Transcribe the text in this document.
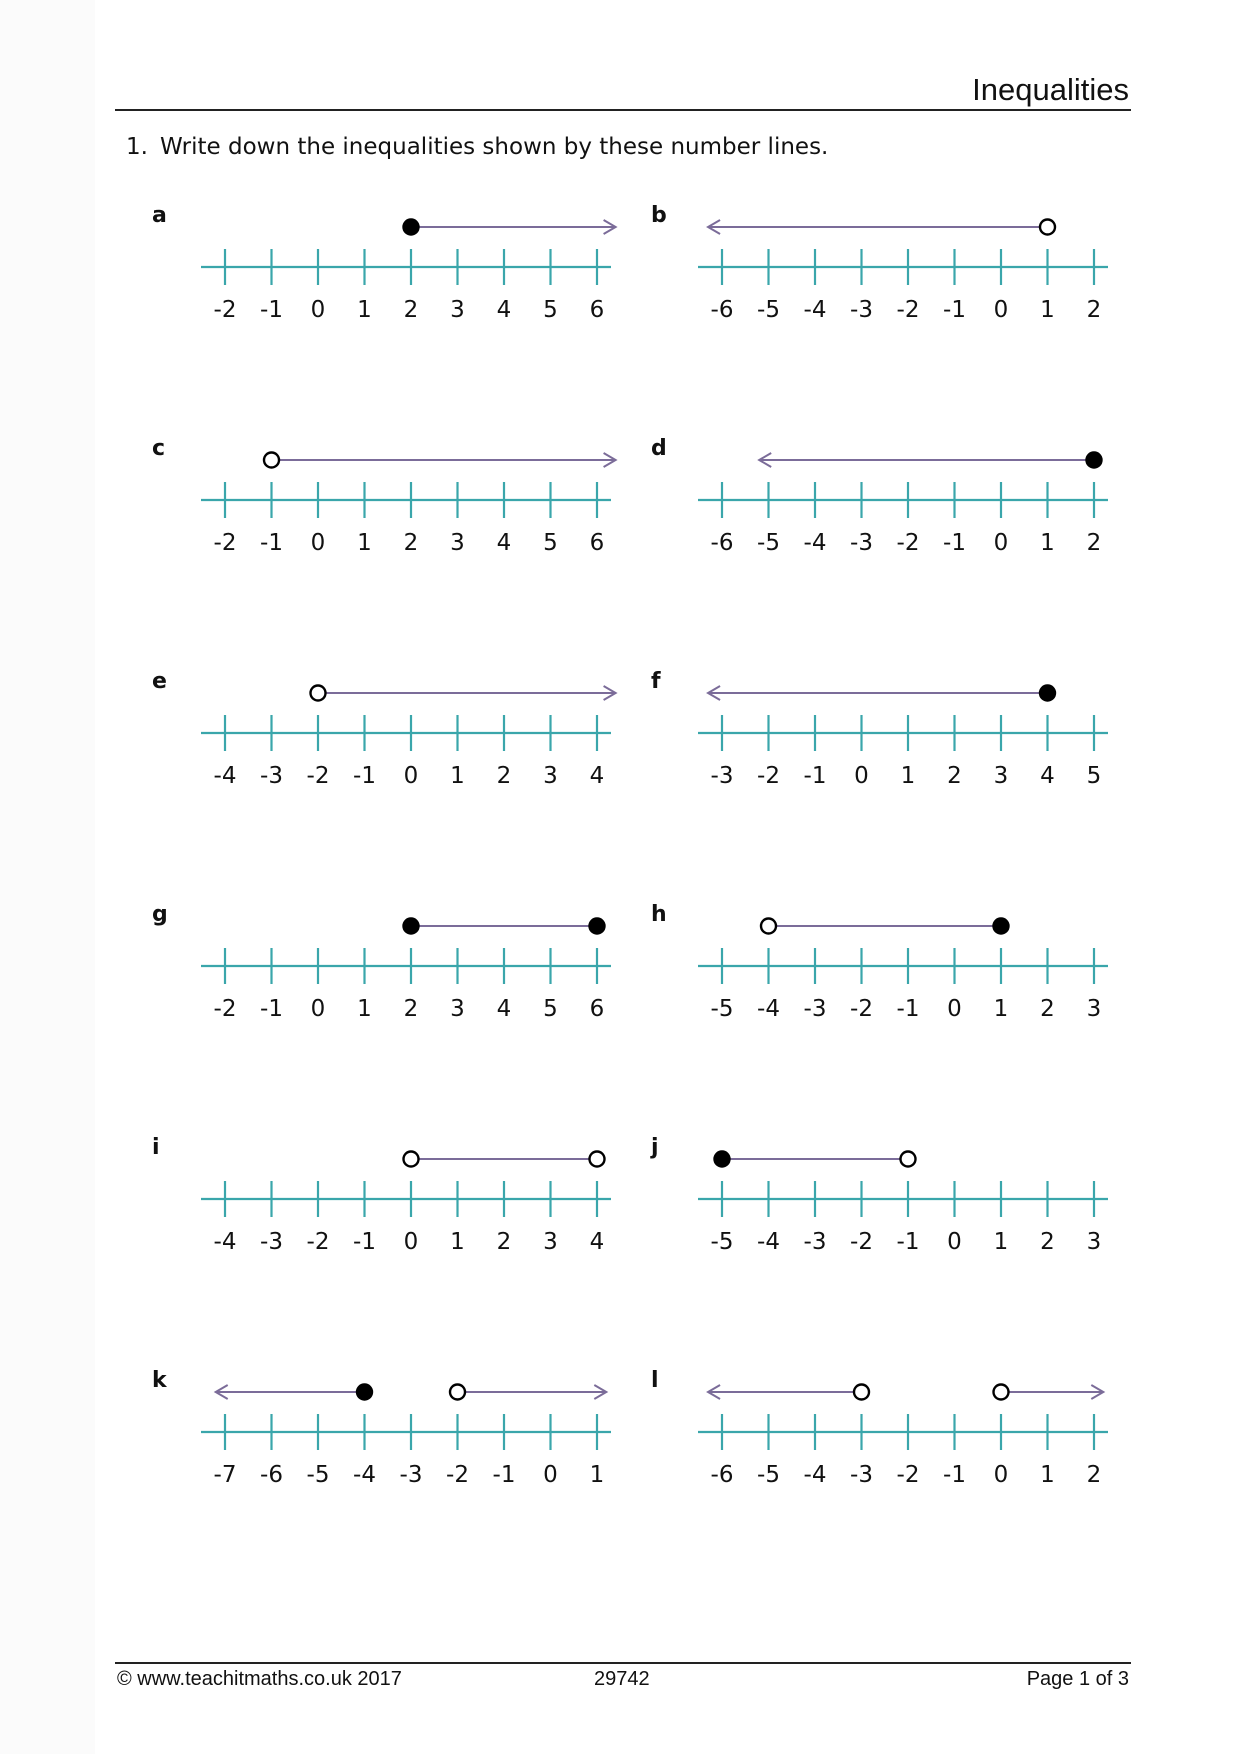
Inequalities
1. Write down the inequalities shown by these number lines.
a	b
c	d
e	f
g	h
i	j
k	l
-2 -1 0 1 2 3 4 5 6	-6 -5 -4 -3 -2 -1 0 1 2
-2 -1 0 1 2 3 4 5 6	-6 -5 -4 -3 -2 -1 0 1 2
-4 -3 -2 -1 0 1 2 3 4	-3 -2 -1 0 1 2 3 4 5
-2 -1 0 1 2 3 4 5 6	-5 -4 -3 -2 -1 0 1 2 3
-4 -3 -2 -1 0 1 2 3 4	-5 -4 -3 -2 -1 0 1 2 3
-7 -6 -5 -4 -3 -2 -1 0 1	-6 -5 -4 -3 -2 -1 0 1 2
© www.teachitmaths.co.uk 2017	29742	Page 1 of 3
